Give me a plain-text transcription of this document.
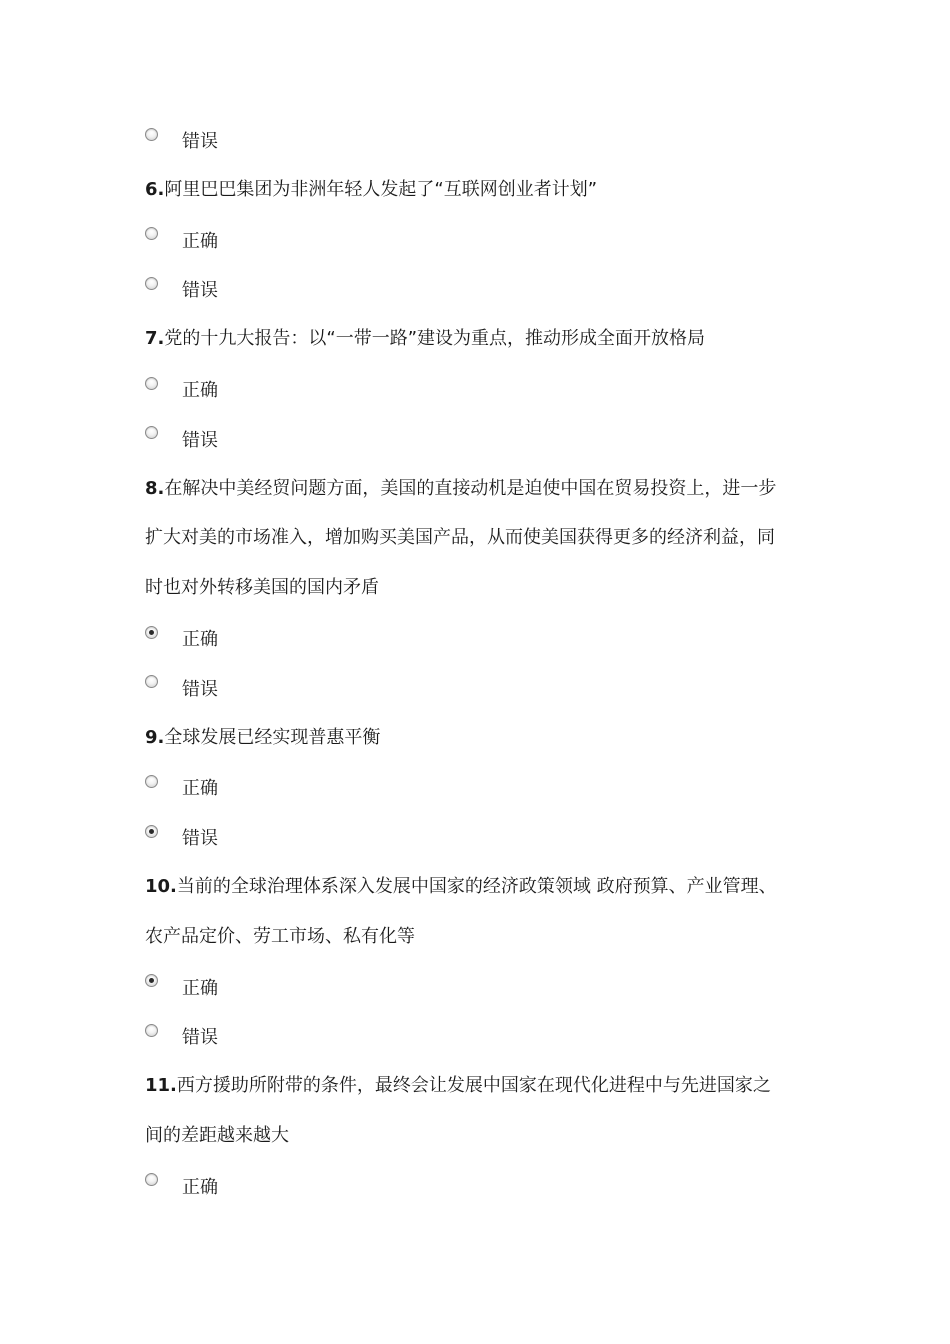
错误
6.阿里巴巴集团为非洲年轻人发起了“互联网创业者计划”
正确
错误
7.党的十九大报告：以“一带一路”建设为重点，推动形成全面开放格局
正确
错误
8.在解决中美经贸问题方面，美国的直接动机是迫使中国在贸易投资上，进一步
扩大对美的市场准入，增加购买美国产品，从而使美国获得更多的经济利益，同
时也对外转移美国的国内矛盾
正确
错误
9.全球发展已经实现普惠平衡
正确
错误
10.当前的全球治理体系深入发展中国家的经济政策领域 政府预算、产业管理、
农产品定价、劳工市场、私有化等
正确
错误
11.西方援助所附带的条件，最终会让发展中国家在现代化进程中与先进国家之
间的差距越来越大
正确
